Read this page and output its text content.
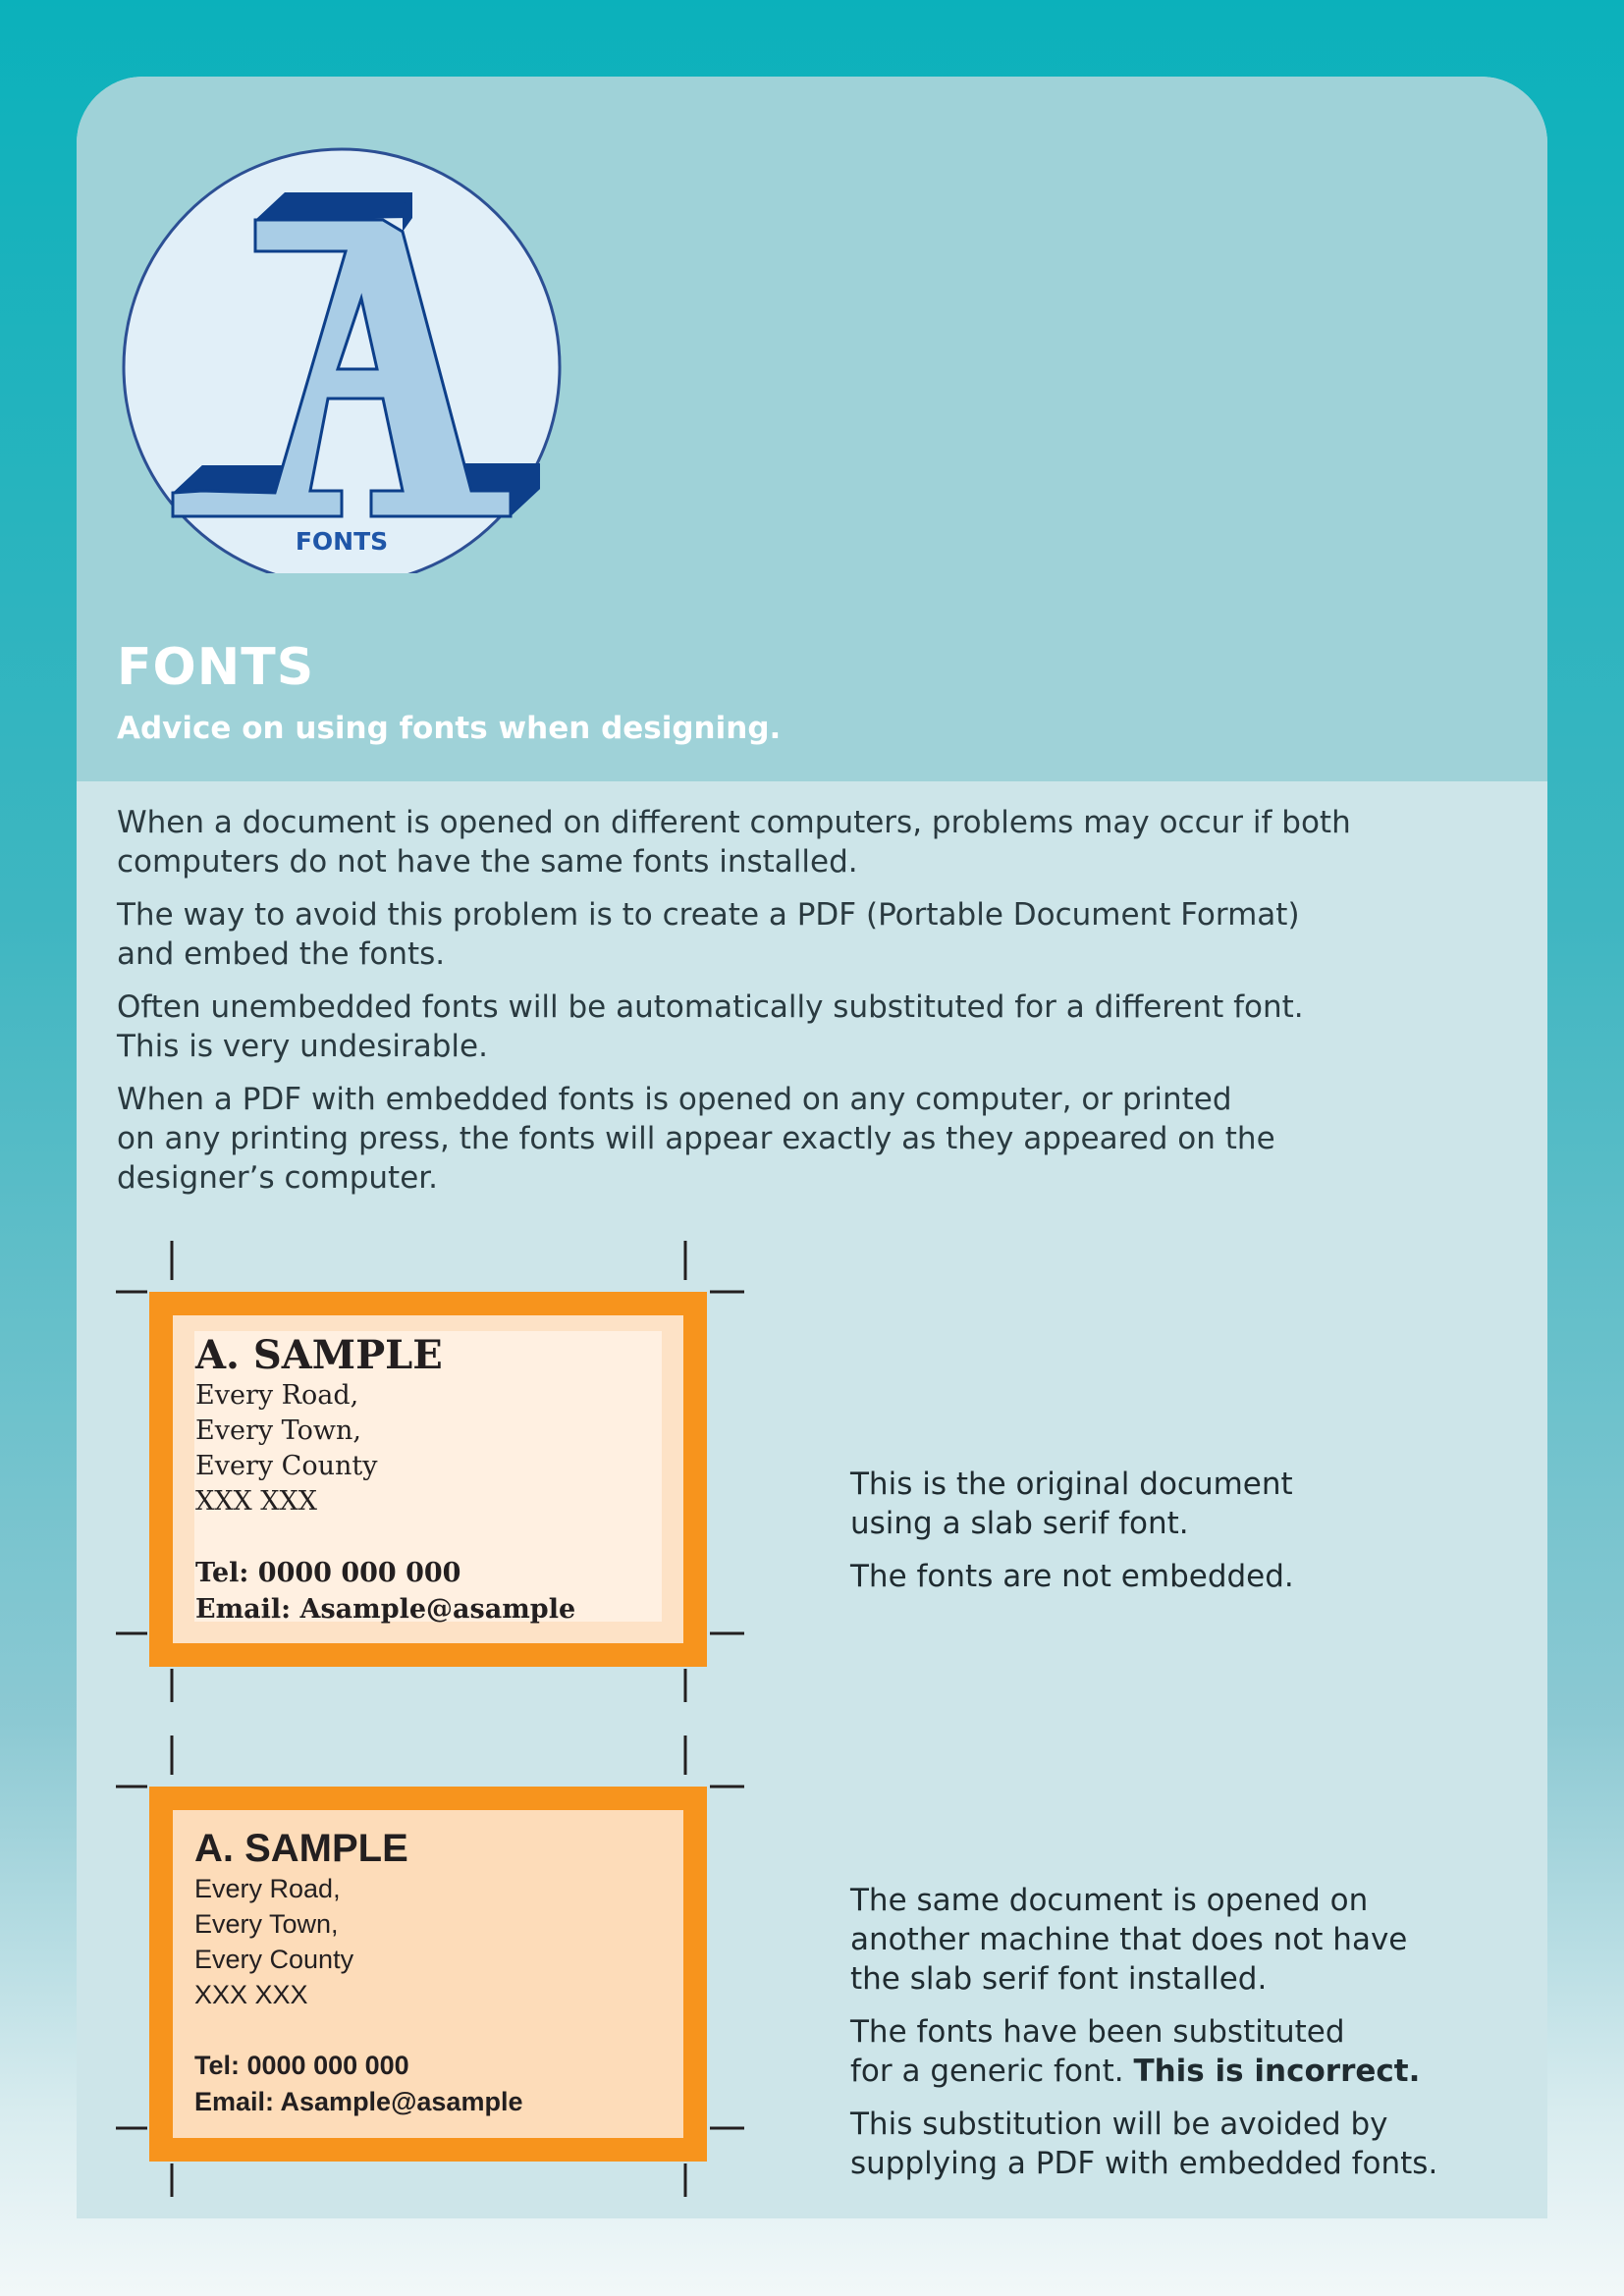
FONTS
FONTS

Advice on using fonts when designing.

When a document is opened on different computers, problems may occur if both
computers do not have the same fonts installed.

The way to avoid this problem is to create a PDF (Portable Document Format)
and embed the fonts.

Often unembedded fonts will be automatically substituted for a different font.
This is very undesirable.

When a PDF with embedded fonts is opened on any computer, or printed
on any printing press, the fonts will appear exactly as they appeared on the
designer’s computer.

A. SAMPLE

Every Road,

Every Town,

Every County

XXX XXX

Tel: 0000 000 000

Email: Asample@asample

This is the original document
using a slab serif font.

The fonts are not embedded.

A. SAMPLE

Every Road,

Every Town,

Every County

XXX XXX

Tel: 0000 000 000

Email: Asample@asample

The same document is opened on
another machine that does not have
the slab serif font installed.

The fonts have been substituted
for a generic font. This is incorrect.

This substitution will be avoided by
supplying a PDF with embedded fonts.
